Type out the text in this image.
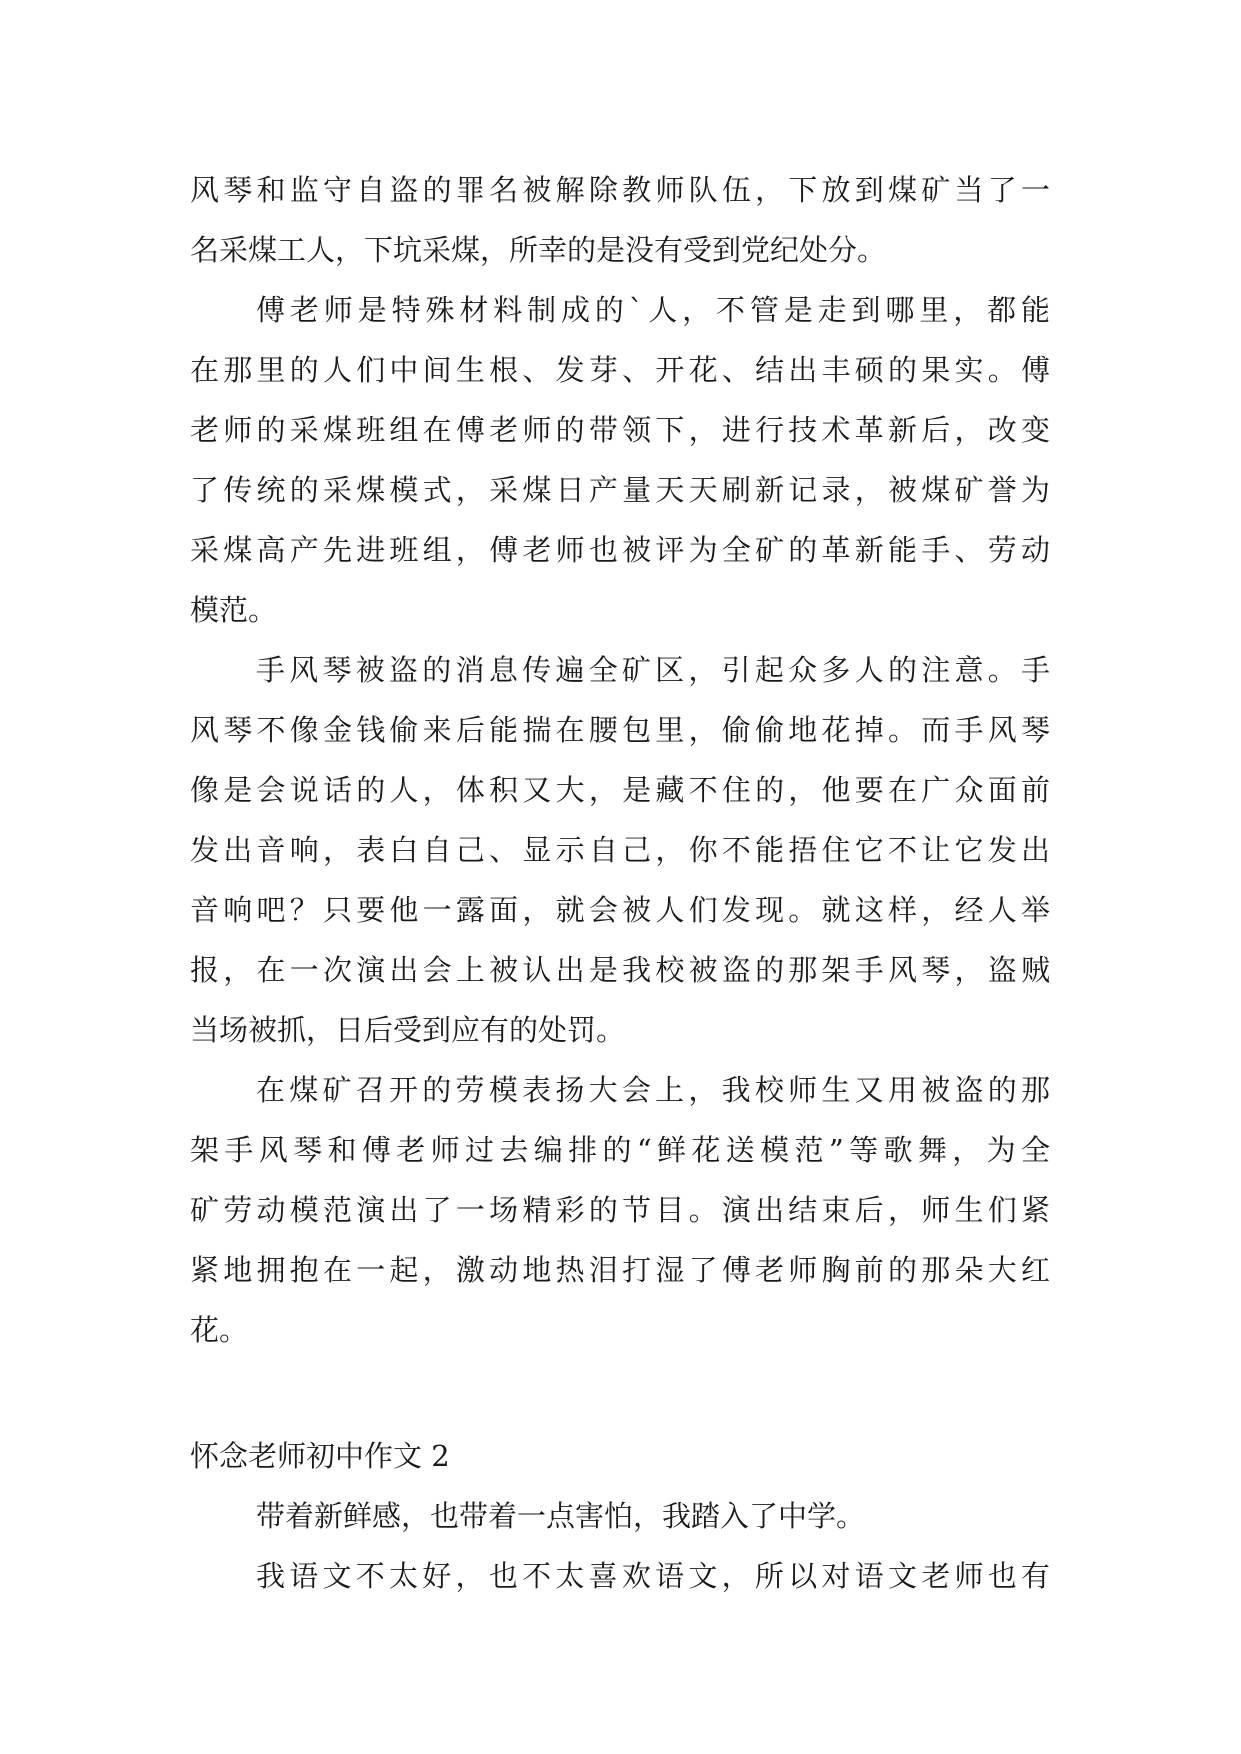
风琴和监守自盗的罪名被解除教师队伍，下放到煤矿当了一
名采煤工人，下坑采煤，所幸的是没有受到党纪处分。
傅老师是特殊材料制成的`人，不管是走到哪里，都能
在那里的人们中间生根、发芽、开花、结出丰硕的果实。傅
老师的采煤班组在傅老师的带领下，进行技术革新后，改变
了传统的采煤模式，采煤日产量天天刷新记录，被煤矿誉为
采煤高产先进班组，傅老师也被评为全矿的革新能手、劳动
模范。
手风琴被盗的消息传遍全矿区，引起众多人的注意。手
风琴不像金钱偷来后能揣在腰包里，偷偷地花掉。而手风琴
像是会说话的人，体积又大，是藏不住的，他要在广众面前
发出音响，表白自己、显示自己，你不能捂住它不让它发出
音响吧？只要他一露面，就会被人们发现。就这样，经人举
报，在一次演出会上被认出是我校被盗的那架手风琴，盗贼
当场被抓，日后受到应有的处罚。
在煤矿召开的劳模表扬大会上，我校师生又用被盗的那
架手风琴和傅老师过去编排的“鲜花送模范”等歌舞，为全
矿劳动模范演出了一场精彩的节目。演出结束后，师生们紧
紧地拥抱在一起，激动地热泪打湿了傅老师胸前的那朵大红
花。
怀念老师初中作文 2
带着新鲜感，也带着一点害怕，我踏入了中学。
我语文不太好，也不太喜欢语文，所以对语文老师也有
